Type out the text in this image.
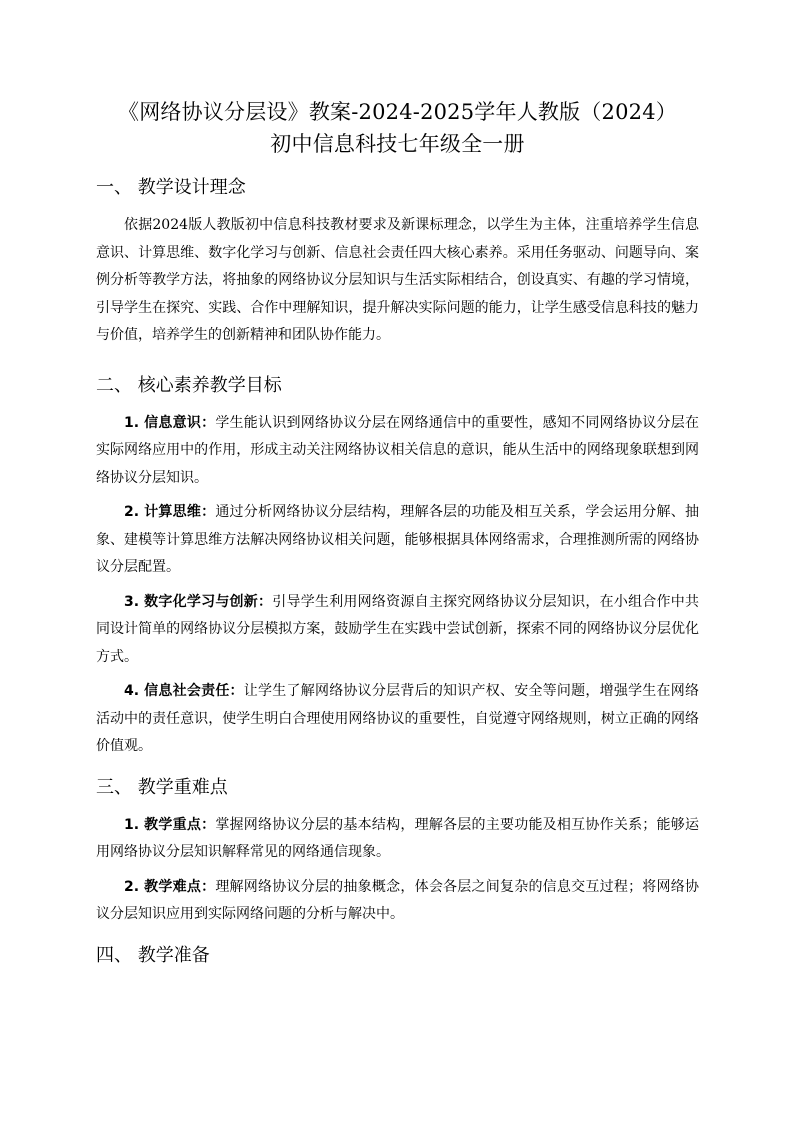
《网络协议分层设》教案-2024-2025学年人教版（2024）
初中信息科技七年级全一册
一、 教学设计理念

依据2024版人教版初中信息科技教材要求及新课标理念，以学生为主体，注重培养学生信息意识、计算思维、数字化学习与创新、信息社会责任四大核心素养。采用任务驱动、问题导向、案例分析等教学方法，将抽象的网络协议分层知识与生活实际相结合，创设真实、有趣的学习情境，引导学生在探究、实践、合作中理解知识，提升解决实际问题的能力，让学生感受信息科技的魅力与价值，培养学生的创新精神和团队协作能力。

二、 核心素养教学目标

1. 信息意识：学生能认识到网络协议分层在网络通信中的重要性，感知不同网络协议分层在实际网络应用中的作用，形成主动关注网络协议相关信息的意识，能从生活中的网络现象联想到网络协议分层知识。

2. 计算思维：通过分析网络协议分层结构，理解各层的功能及相互关系，学会运用分解、抽象、建模等计算思维方法解决网络协议相关问题，能够根据具体网络需求，合理推测所需的网络协议分层配置。

3. 数字化学习与创新：引导学生利用网络资源自主探究网络协议分层知识，在小组合作中共同设计简单的网络协议分层模拟方案，鼓励学生在实践中尝试创新，探索不同的网络协议分层优化方式。

4. 信息社会责任：让学生了解网络协议分层背后的知识产权、安全等问题，增强学生在网络活动中的责任意识，使学生明白合理使用网络协议的重要性，自觉遵守网络规则，树立正确的网络价值观。

三、 教学重难点

1. 教学重点：掌握网络协议分层的基本结构，理解各层的主要功能及相互协作关系；能够运用网络协议分层知识解释常见的网络通信现象。

2. 教学难点：理解网络协议分层的抽象概念，体会各层之间复杂的信息交互过程；将网络协议分层知识应用到实际网络问题的分析与解决中。

四、 教学准备
